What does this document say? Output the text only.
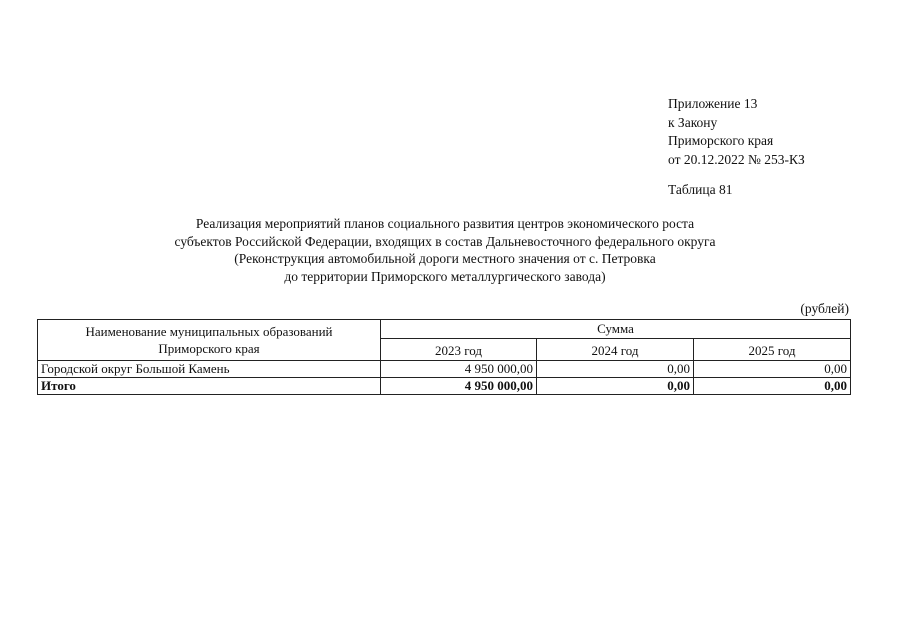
Приложение 13
к Закону
Приморского края
от 20.12.2022 № 253-КЗ
Таблица 81
Реализация мероприятий планов социального развития центров экономического роста
субъектов Российской Федерации, входящих в состав Дальневосточного федерального округа
(Реконструкция автомобильной дороги местного значения от с. Петровка
до территории Приморского металлургического завода)
(рублей)
Наименование муниципальных образований
Приморского края	Сумма		
	2023 год	2024 год	2025 год
Городской округ Большой Камень	4 950 000,00	0,00	0,00
Итого	4 950 000,00	0,00	0,00
